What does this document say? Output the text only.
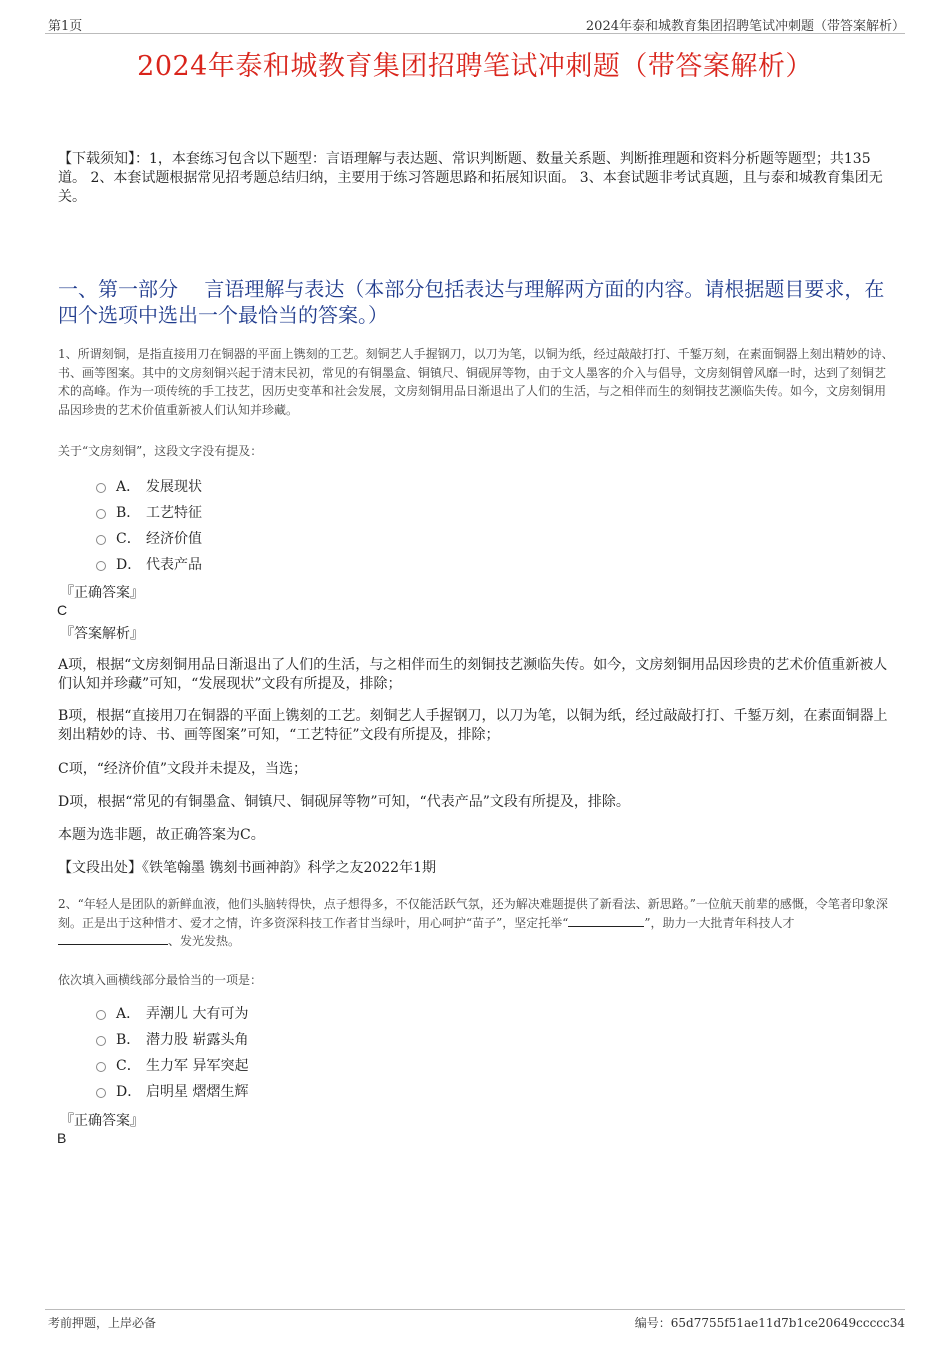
第1页	2024年泰和城教育集团招聘笔试冲刺题（带答案解析）
2024年泰和城教育集团招聘笔试冲刺题（带答案解析）
【下载须知】：1，本套练习包含以下题型：言语理解与表达题、常识判断题、数量关系题、判断推理题和资料分析题等题型；共135道。 2、本套试题根据常见招考题总结归纳，主要用于练习答题思路和拓展知识面。 3、本套试题非考试真题，且与泰和城教育集团无关。
一、第一部分　 言语理解与表达（本部分包括表达与理解两方面的内容。请根据题目要求，在四个选项中选出一个最恰当的答案。）
1、所谓刻铜，是指直接用刀在铜器的平面上镌刻的工艺。刻铜艺人手握钢刀，以刀为笔，以铜为纸，经过敲敲打打、千錾万刻，在素面铜器上刻出精妙的诗、书、画等图案。其中的文房刻铜兴起于清末民初，常见的有铜墨盒、铜镇尺、铜砚屏等物，由于文人墨客的介入与倡导，文房刻铜曾风靡一时，达到了刻铜艺术的高峰。作为一项传统的手工技艺，因历史变革和社会发展，文房刻铜用品日渐退出了人们的生活，与之相伴而生的刻铜技艺濒临失传。如今，文房刻铜用品因珍贵的艺术价值重新被人们认知并珍藏。
关于“文房刻铜”，这段文字没有提及：
A． 发展现状
B． 工艺特征
C． 经济价值
D． 代表产品
『正确答案』
C
『答案解析』
A项，根据“文房刻铜用品日渐退出了人们的生活，与之相伴而生的刻铜技艺濒临失传。如今，文房刻铜用品因珍贵的艺术价值重新被人们认知并珍藏”可知，“发展现状”文段有所提及，排除；
B项，根据“直接用刀在铜器的平面上镌刻的工艺。刻铜艺人手握钢刀，以刀为笔，以铜为纸，经过敲敲打打、千錾万刻，在素面铜器上刻出精妙的诗、书、画等图案”可知，“工艺特征”文段有所提及，排除；
C项，“经济价值”文段并未提及，当选；
D项，根据“常见的有铜墨盒、铜镇尺、铜砚屏等物”可知，“代表产品”文段有所提及，排除。
本题为选非题，故正确答案为C。
【文段出处】《铁笔翰墨 镌刻书画神韵》科学之友2022年1期
2、“年轻人是团队的新鲜血液，他们头脑转得快，点子想得多，不仅能活跃气氛，还为解决难题提供了新看法、新思路。”一位航天前辈的感慨，令笔者印象深刻。正是出于这种惜才、爱才之情，许多资深科技工作者甘当绿叶，用心呵护“苗子”，坚定托举“	”，助力一大批青年科技人才 、发光发热。
依次填入画横线部分最恰当的一项是：
A． 弄潮儿 大有可为
B． 潜力股 崭露头角
C． 生力军 异军突起
D． 启明星 熠熠生辉
『正确答案』
B
考前押题，上岸必备	编号：65d7755f51ae11d7b1ce20649ccccc34
